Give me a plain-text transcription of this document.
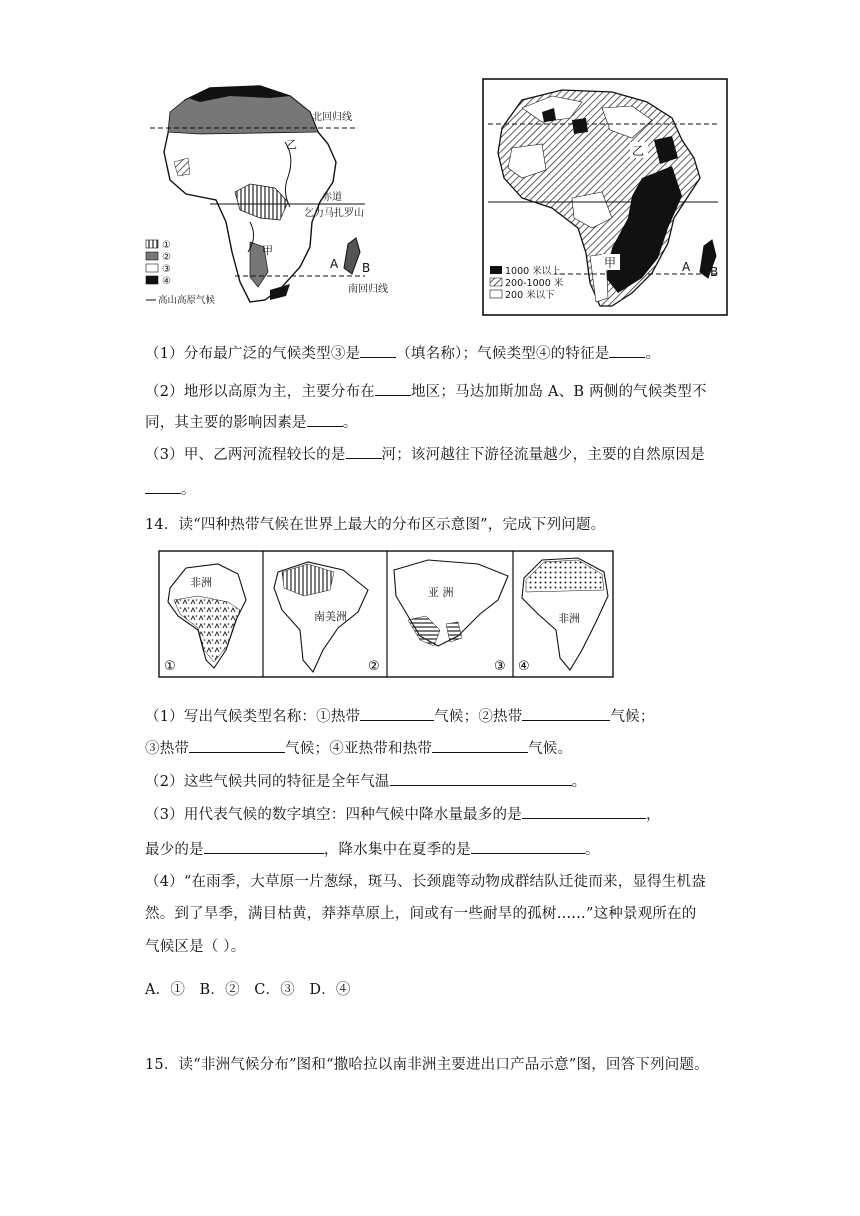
北回归线
赤道
乞力马扎罗山
南回归线
甲
乙
A B
①
②
③
④
高山高原气候
乙
甲	A B
1000 米以上
200-1000 米
200 米以下
（1）分布最广泛的气候类型③是 （填名称）；气候类型④的特征是 。
（2）地形以高原为主，主要分布在 地区；马达加斯加岛 A、B 两侧的气候类型不
同，其主要的影响因素是 。
（3）甲、乙两河流程较长的是 河；该河越往下游径流量越少，主要的自然原因是
。
14．读“四种热带气候在世界上最大的分布区示意图”，完成下列问题。
非洲
①
南美洲
②
亚 洲
③
非洲
④
（1）写出气候类型名称：①热带	气候；②热带	气候；
③热带	气候；④亚热带和热带	气候。
（2）这些气候共同的特征是全年气温	。
（3）用代表气候的数字填空：四种气候中降水量最多的是	，
最少的是	，降水集中在夏季的是	。
（4）“在雨季，大草原一片葱绿，斑马、长颈鹿等动物成群结队迁徙而来，显得生机盎
然。到了旱季，满目枯黄，莽莽草原上，间或有一些耐旱的孤树……”这种景观所在的
气候区是（ ）。
A．① B．② C．③ D．④
15．读“非洲气候分布”图和“撒哈拉以南非洲主要进出口产品示意”图，回答下列问题。
